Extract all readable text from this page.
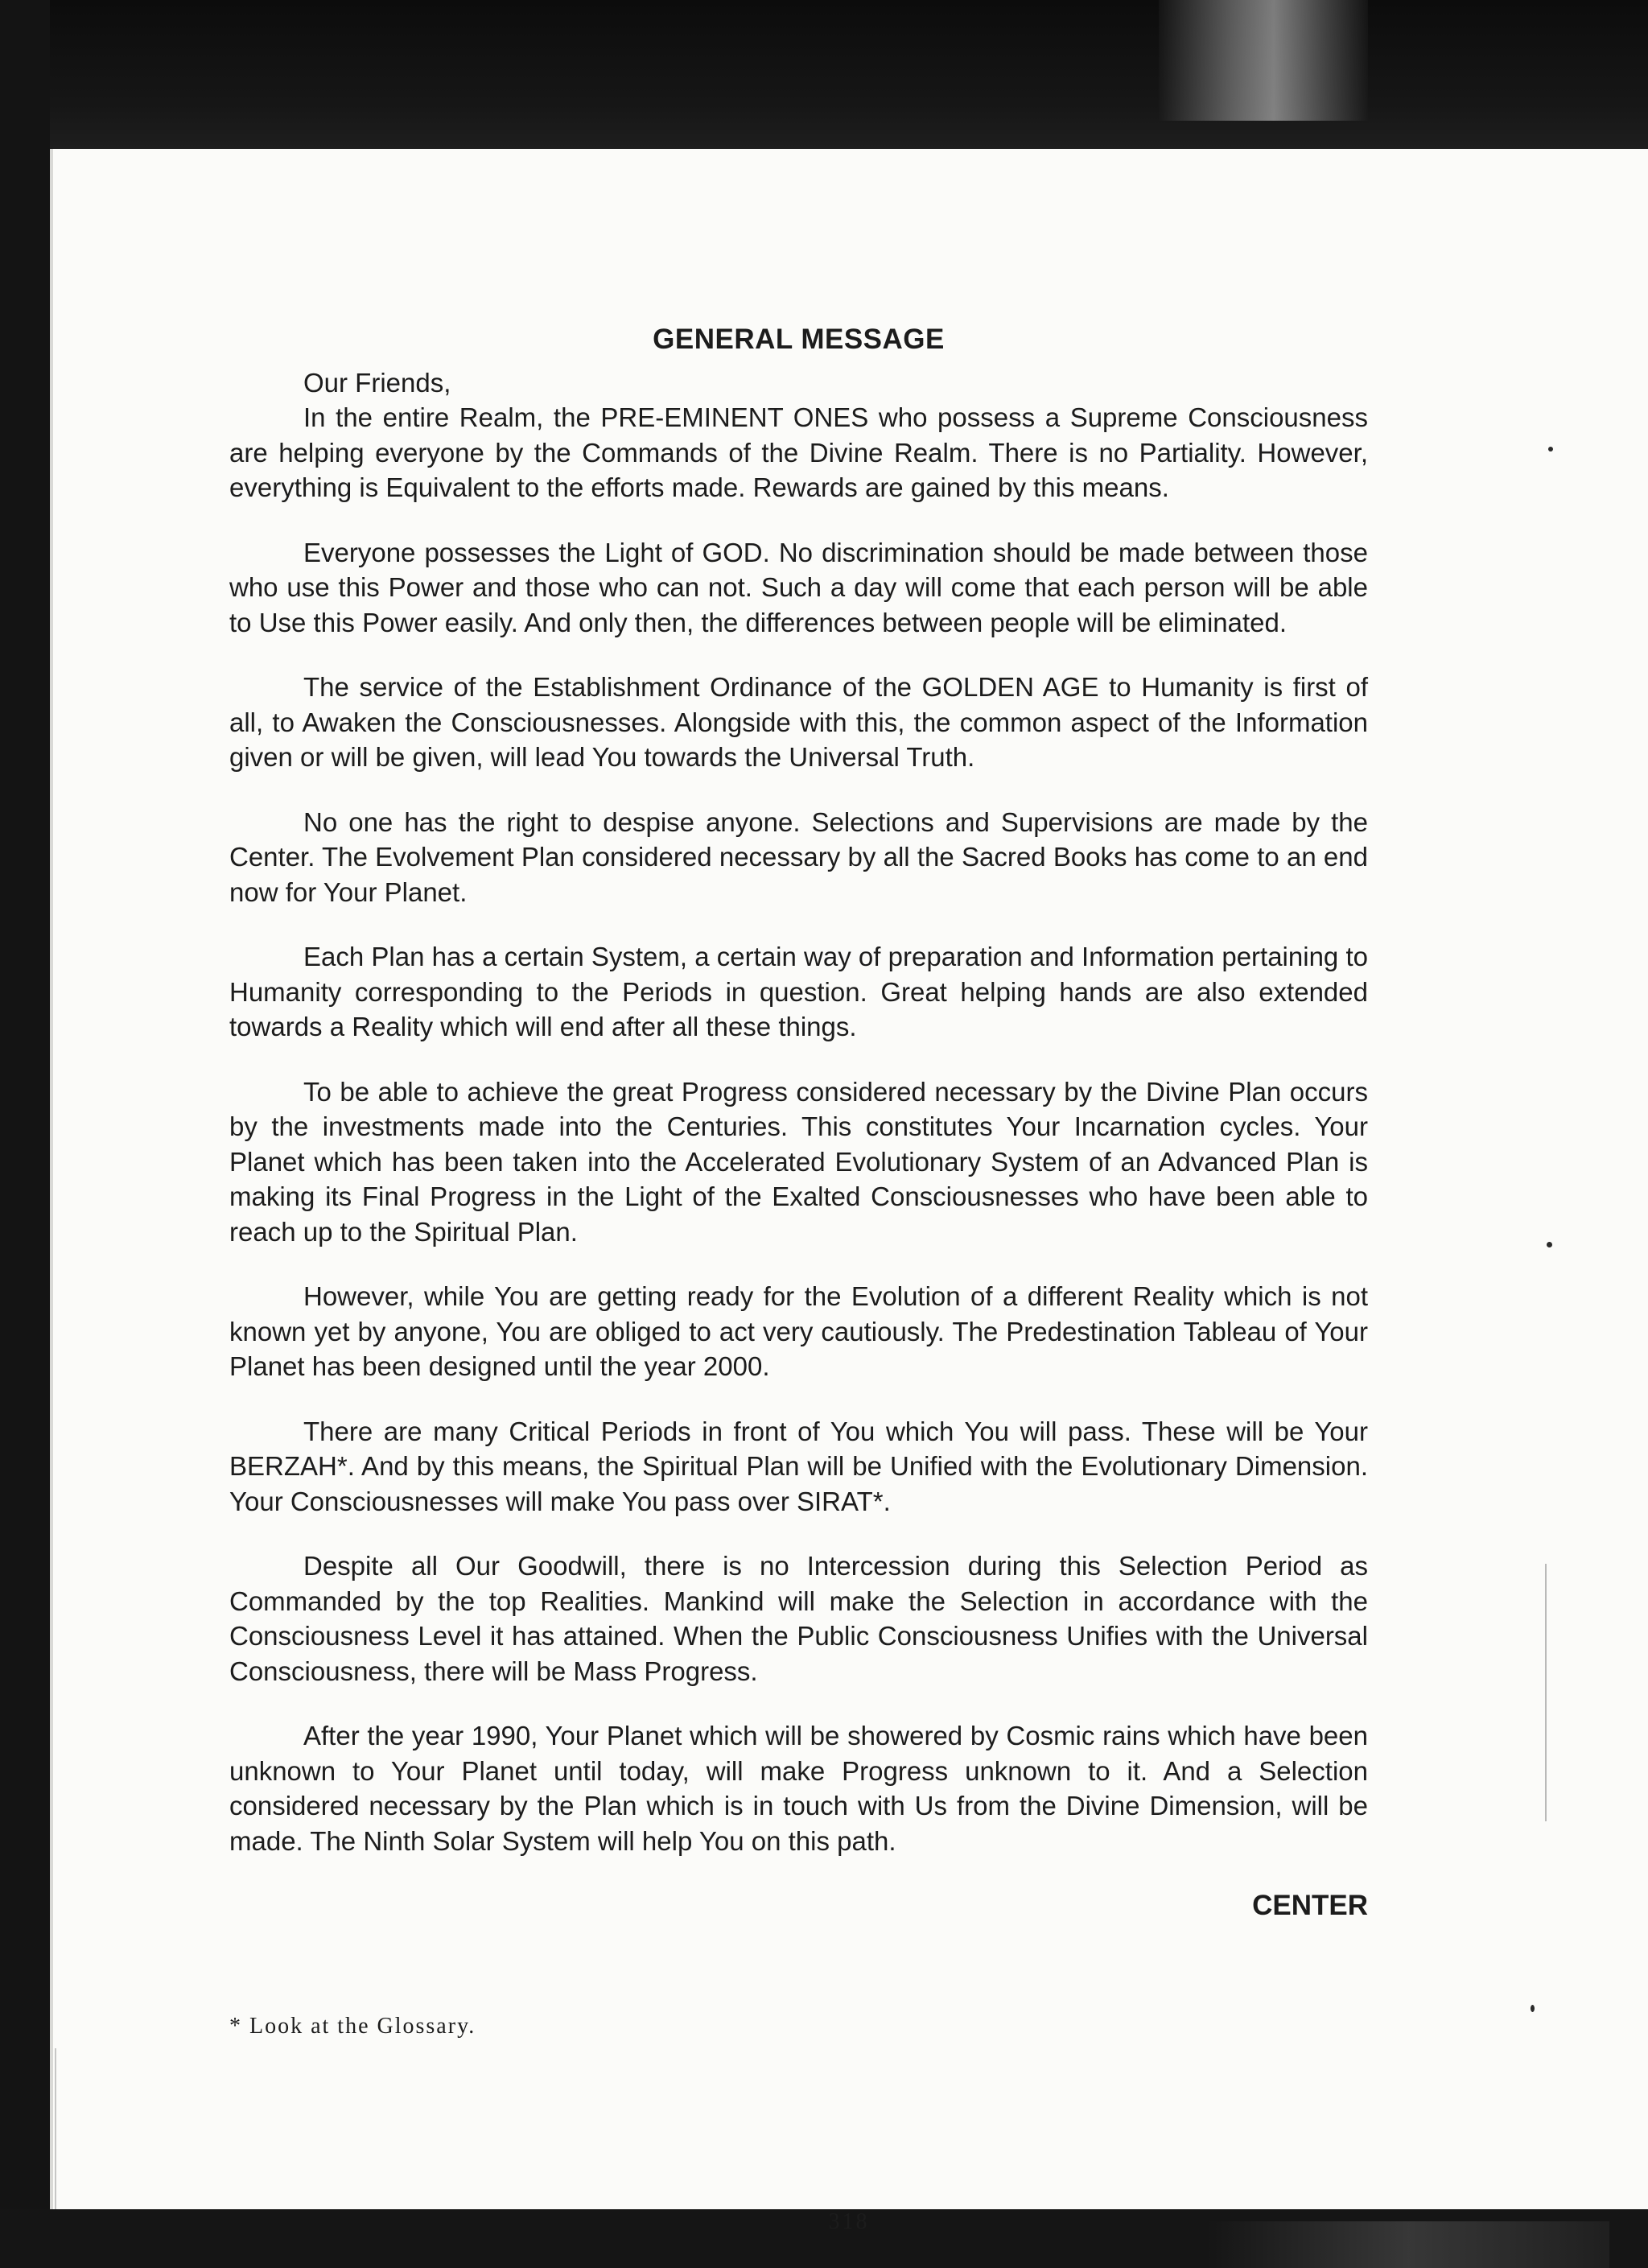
318
GENERAL MESSAGE

Our Friends,

In the entire Realm, the PRE-EMINENT ONES who possess a Supreme Consciousness are helping everyone by the Commands of the Divine Realm. There is no Partiality. However, everything is Equivalent to the efforts made. Rewards are gained by this means.

Everyone possesses the Light of GOD. No discrimination should be made between those who use this Power and those who can not. Such a day will come that each person will be able to Use this Power easily. And only then, the differences between people will be eliminated.

The service of the Establishment Ordinance of the GOLDEN AGE to Humanity is first of all, to Awaken the Consciousnesses. Alongside with this, the common aspect of the Information given or will be given, will lead You towards the Universal Truth.

No one has the right to despise anyone. Selections and Supervisions are made by the Center. The Evolvement Plan considered necessary by all the Sacred Books has come to an end now for Your Planet.

Each Plan has a certain System, a certain way of preparation and Information pertaining to Humanity corresponding to the Periods in question. Great helping hands are also extended towards a Reality which will end after all these things.

To be able to achieve the great Progress considered necessary by the Divine Plan occurs by the investments made into the Centuries. This constitutes Your Incarnation cycles. Your Planet which has been taken into the Accelerated Evolutionary System of an Advanced Plan is making its Final Progress in the Light of the Exalted Consciousnesses who have been able to reach up to the Spiritual Plan.

However, while You are getting ready for the Evolution of a different Reality which is not known yet by anyone, You are obliged to act very cautiously. The Predestination Tableau of Your Planet has been designed until the year 2000.

There are many Critical Periods in front of You which You will pass. These will be Your BERZAH*. And by this means, the Spiritual Plan will be Unified with the Evolutionary Dimension. Your Consciousnesses will make You pass over SIRAT*.

Despite all Our Goodwill, there is no Intercession during this Selection Period as Commanded by the top Realities. Mankind will make the Selection in accordance with the Consciousness Level it has attained. When the Public Consciousness Unifies with the Universal Consciousness, there will be Mass Progress.

After the year 1990, Your Planet which will be showered by Cosmic rains which have been unknown to Your Planet until today, will make Progress unknown to it. And a Selection considered necessary by the Plan which is in touch with Us from the Divine Dimension, will be made. The Ninth Solar System will help You on this path.

CENTER
* Look at the Glossary.
